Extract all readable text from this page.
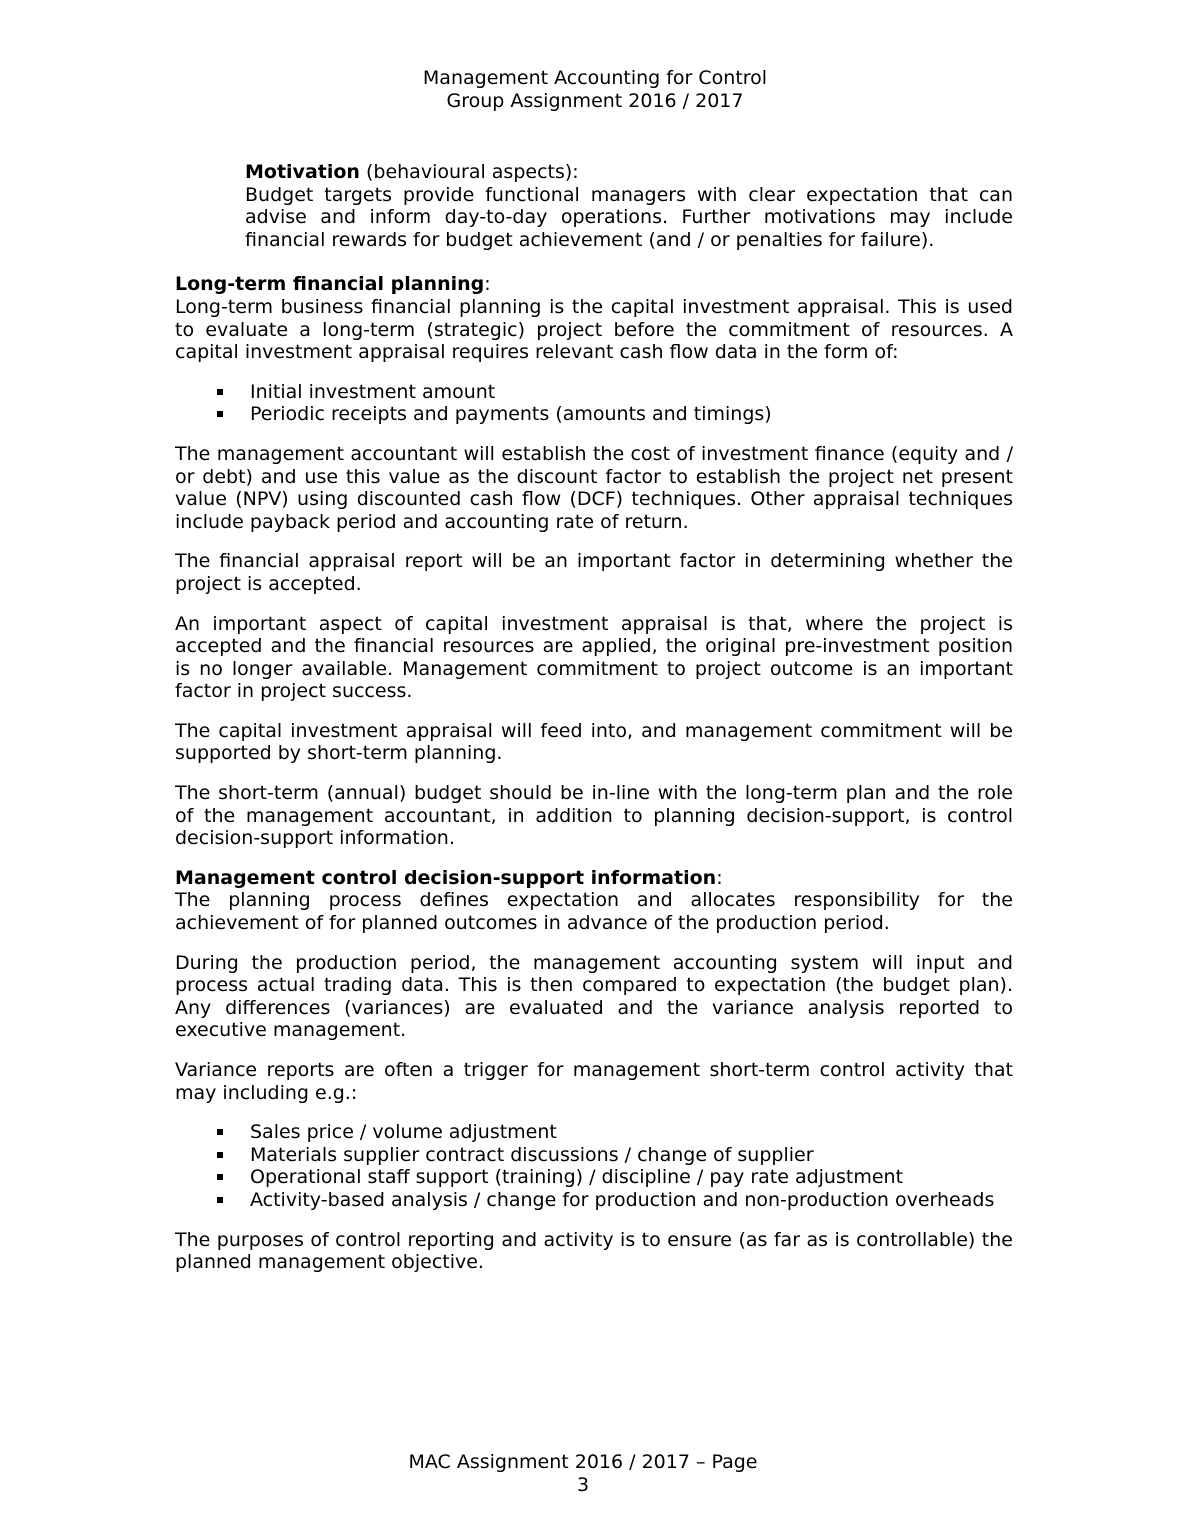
Management Accounting for Control
Group Assignment 2016 / 2017
Motivation (behavioural aspects):

Budget targets provide functional managers with clear expectation that can advise and inform day-to-day operations. Further motivations may include financial rewards for budget achievement (and / or penalties for failure).

Long-term financial planning:

Long-term business financial planning is the capital investment appraisal. This is used to evaluate a long-term (strategic) project before the commitment of resources. A capital investment appraisal requires relevant cash flow data in the form of:

Initial investment amount
Periodic receipts and payments (amounts and timings)

The management accountant will establish the cost of investment finance (equity and / or debt) and use this value as the discount factor to establish the project net present value (NPV) using discounted cash flow (DCF) techniques. Other appraisal techniques include payback period and accounting rate of return.

The financial appraisal report will be an important factor in determining whether the project is accepted.

An important aspect of capital investment appraisal is that, where the project is accepted and the financial resources are applied, the original pre-investment position is no longer available. Management commitment to project outcome is an important factor in project success.

The capital investment appraisal will feed into, and management commitment will be supported by short-term planning.

The short-term (annual) budget should be in-line with the long-term plan and the role of the management accountant, in addition to planning decision-support, is control decision-support information.

Management control decision-support information:

The planning process defines expectation and allocates responsibility for the achievement of for planned outcomes in advance of the production period.

During the production period, the management accounting system will input and process actual trading data. This is then compared to expectation (the budget plan). Any differences (variances) are evaluated and the variance analysis reported to executive management.

Variance reports are often a trigger for management short-term control activity that may including e.g.:

Sales price / volume adjustment
Materials supplier contract discussions / change of supplier
Operational staff support (training) / discipline / pay rate adjustment
Activity-based analysis / change for production and non-production overheads

The purposes of control reporting and activity is to ensure (as far as is controllable) the planned management objective.

MAC Assignment 2016 / 2017 – Page
3
